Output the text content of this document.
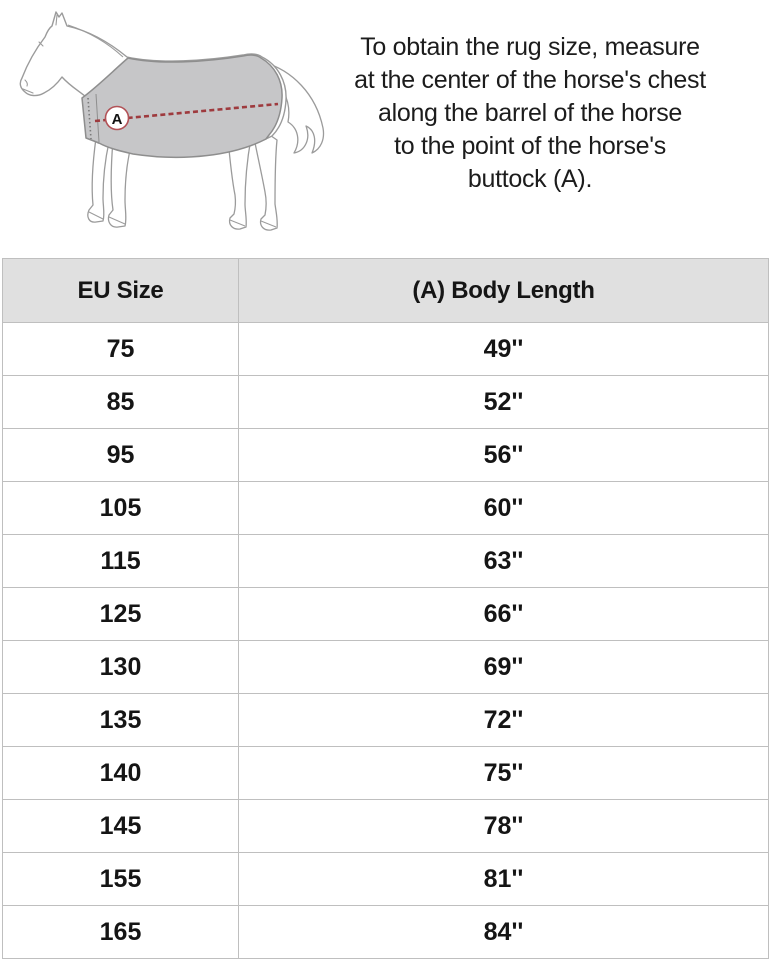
A
To obtain the rug size, measure
at the center of the horse's chest
along the barrel of the horse
to the point of the horse's
buttock (A).
EU Size	(A) Body Length
75	49''
85	52''
95	56''
105	60''
115	63''
125	66''
130	69''
135	72''
140	75''
145	78''
155	81''
165	84''
